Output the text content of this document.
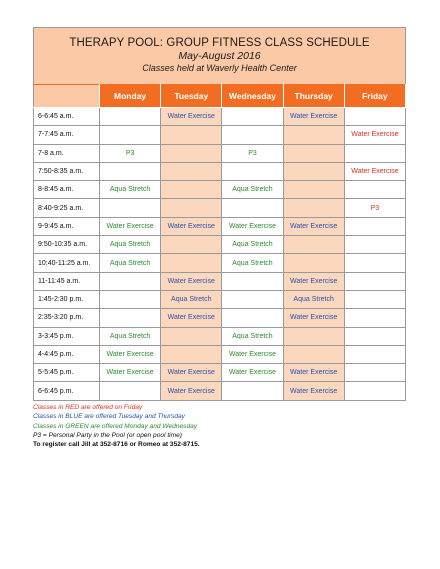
THERAPY POOL: GROUP FITNESS CLASS SCHEDULE
May-August 2016
Classes held at Waverly Health Center
	Monday	Tuesday	Wednesday	Thursday	Friday
6-6:45 a.m.		Water Exercise		Water Exercise	
7-7:45 a.m.					Water Exercise
7-8 a.m.	P3		P3		
7:50-8:35 a.m.					Water Exercise
8-8:45 a.m.	Aqua Stretch		Aqua Stretch		
8:40-9:25 a.m.					P3
9-9:45 a.m.	Water Exercise	Water Exercise	Water Exercise	Water Exercise	
9:50-10:35 a.m.	Aqua Stretch		Aqua Stretch		
10:40-11:25 a.m.	Aqua Stretch		Aqua Stretch		
11-11:45 a.m.		Water Exercise		Water Exercise	
1:45-2:30 p.m.		Aqua Stretch		Aqua Stretch	
2:35-3:20 p.m.		Water Exercise		Water Exercise	
3-3:45 p.m.	Aqua Stretch		Aqua Stretch		
4-4:45 p.m.	Water Exercise		Water Exercise		
5-5:45 p.m.	Water Exercise	Water Exercise	Water Exercise	Water Exercise	
6-6:45 p.m.		Water Exercise		Water Exercise	
Classes in RED are offered on Friday
Classes in BLUE are offered Tuesday and Thursday
Classes in GREEN are offered Monday and Wednesday
P3 = Personal Party in the Pool (or open pool time)
To register call Jill at 352-8716 or Romeo at 352-8715.
